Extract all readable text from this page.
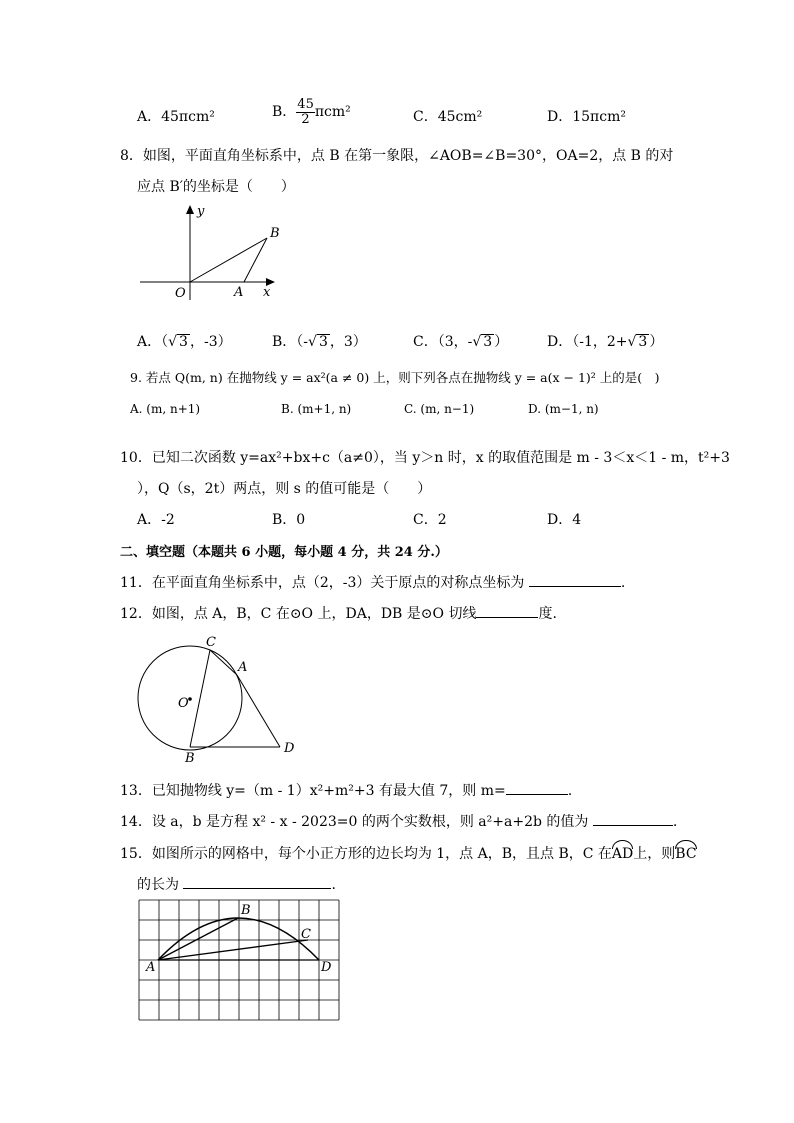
A．45πcm²	B． $\frac{45}{2} \pi cm^2$	C．45cm²	D．15πcm²
8．如图，平面直角坐标系中，点 B 在第一象限，∠AOB=∠B=30°，OA=2，点 B 的对
应点 B′的坐标是（　　）
y
x
O	A
B
A．（√ 3 ，-3）	B．（-√ 3 ，3）	C．（3，-√ 3 ）	D．（-1，2+√ 3 ）
9. 若点 Q(m, n) 在抛物线 y = ax²(a ≠ 0) 上，则下列各点在抛物线 y = a(x − 1)² 上的是(　)
A. (m, n+1)	B. (m+1, n)	C. (m, n−1)	D. (m−1, n)
10．已知二次函数 y=ax²+bx+c（a≠0），当 y＞n 时，x 的取值范围是 m - 3＜x＜1 - m，t²+3
），Q（s，2t）两点，则 s 的值可能是（　　）
A．-2	B．0	C．2	D．4
二、填空题（本题共 6 小题，每小题 4 分，共 24 分.）
11．在平面直角坐标系中，点（2，-3）关于原点的对称点坐标为	.
12．如图，点 A，B，C 在⊙O 上，DA，DB 是⊙O 切线	度.
C
A
O
B
D
13．已知抛物线 y=（m - 1）x²+m²+3 有最大值 7，则 m=	.
14．设 a，b 是方程 x² - x - 2023=0 的两个实数根，则 a²+a+2b 的值为	.
15．如图所示的网格中，每个小正方形的边长均为 1，点 A，B，且点 B，C 在
AD上，则
BC
的长为	.
A
B
C
D
